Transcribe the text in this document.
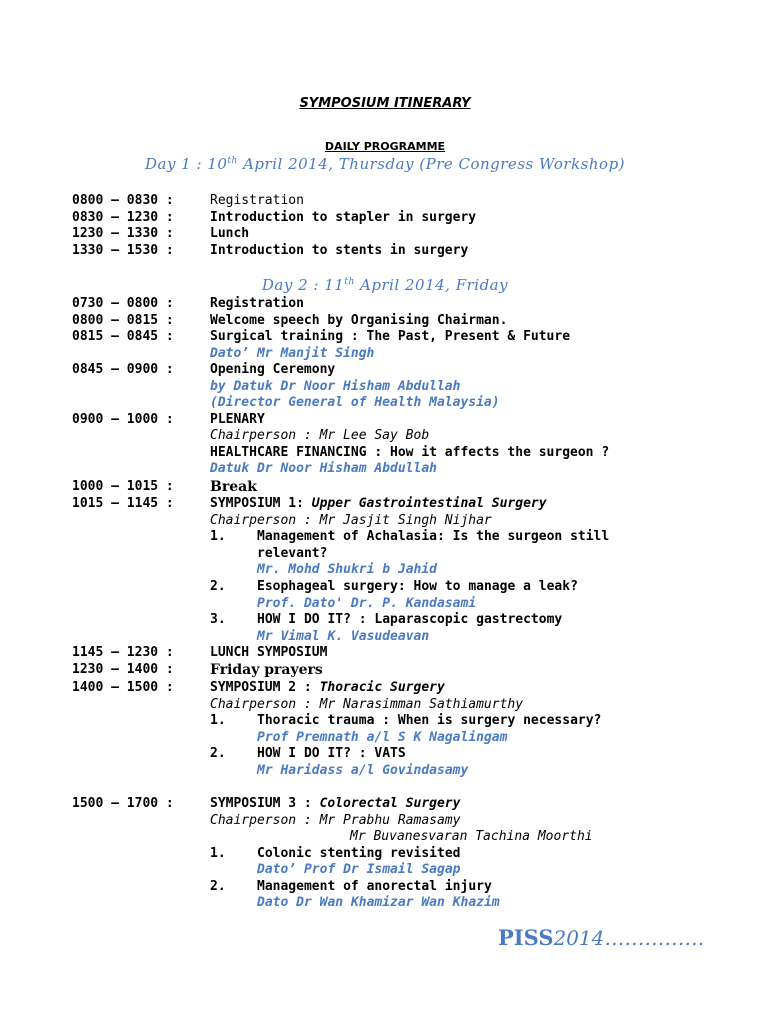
SYMPOSIUM ITINERARY
DAILY PROGRAMME
Day 1 : 10th April 2014, Thursday (Pre Congress Workshop)
0800 – 0830 :	Registration
0830 – 1230 :	Introduction to stapler in surgery
1230 – 1330 :	Lunch
1330 – 1530 :	Introduction to stents in surgery
Day 2 : 11th April 2014, Friday
0730 – 0800 :	Registration
0800 – 0815 :	Welcome speech by Organising Chairman.
0815 – 0845 :	Surgical training : The Past, Present & Future
Dato’ Mr Manjit Singh
0845 – 0900 :	Opening Ceremony
by Datuk Dr Noor Hisham Abdullah
(Director General of Health Malaysia)
0900 – 1000 :	PLENARY
Chairperson : Mr Lee Say Bob
HEALTHCARE FINANCING : How it affects the surgeon ?
Datuk Dr Noor Hisham Abdullah
1000 – 1015 :	Break
1015 – 1145 :	SYMPOSIUM 1: Upper Gastrointestinal Surgery
Chairperson : Mr Jasjit Singh Nijhar
1. Management of Achalasia: Is the surgeon still
relevant?
Mr. Mohd Shukri b Jahid
2. Esophageal surgery: How to manage a leak?
Prof. Dato' Dr. P. Kandasami
3. HOW I DO IT? : Laparascopic gastrectomy
Mr Vimal K. Vasudeavan
1145 – 1230 :	LUNCH SYMPOSIUM
1230 – 1400 :	Friday prayers
1400 – 1500 :	SYMPOSIUM 2 : Thoracic Surgery
Chairperson : Mr Narasimman Sathiamurthy
1. Thoracic trauma : When is surgery necessary?
Prof Premnath a/l S K Nagalingam
2. HOW I DO IT? : VATS
Mr Haridass a/l Govindasamy
1500 – 1700 :	SYMPOSIUM 3 : Colorectal Surgery
Chairperson : Mr Prabhu Ramasamy
Mr Buvanesvaran Tachina Moorthi
1. Colonic stenting revisited
Dato’ Prof Dr Ismail Sagap
2. Management of anorectal injury
Dato Dr Wan Khamizar Wan Khazim
PISS2014……………
